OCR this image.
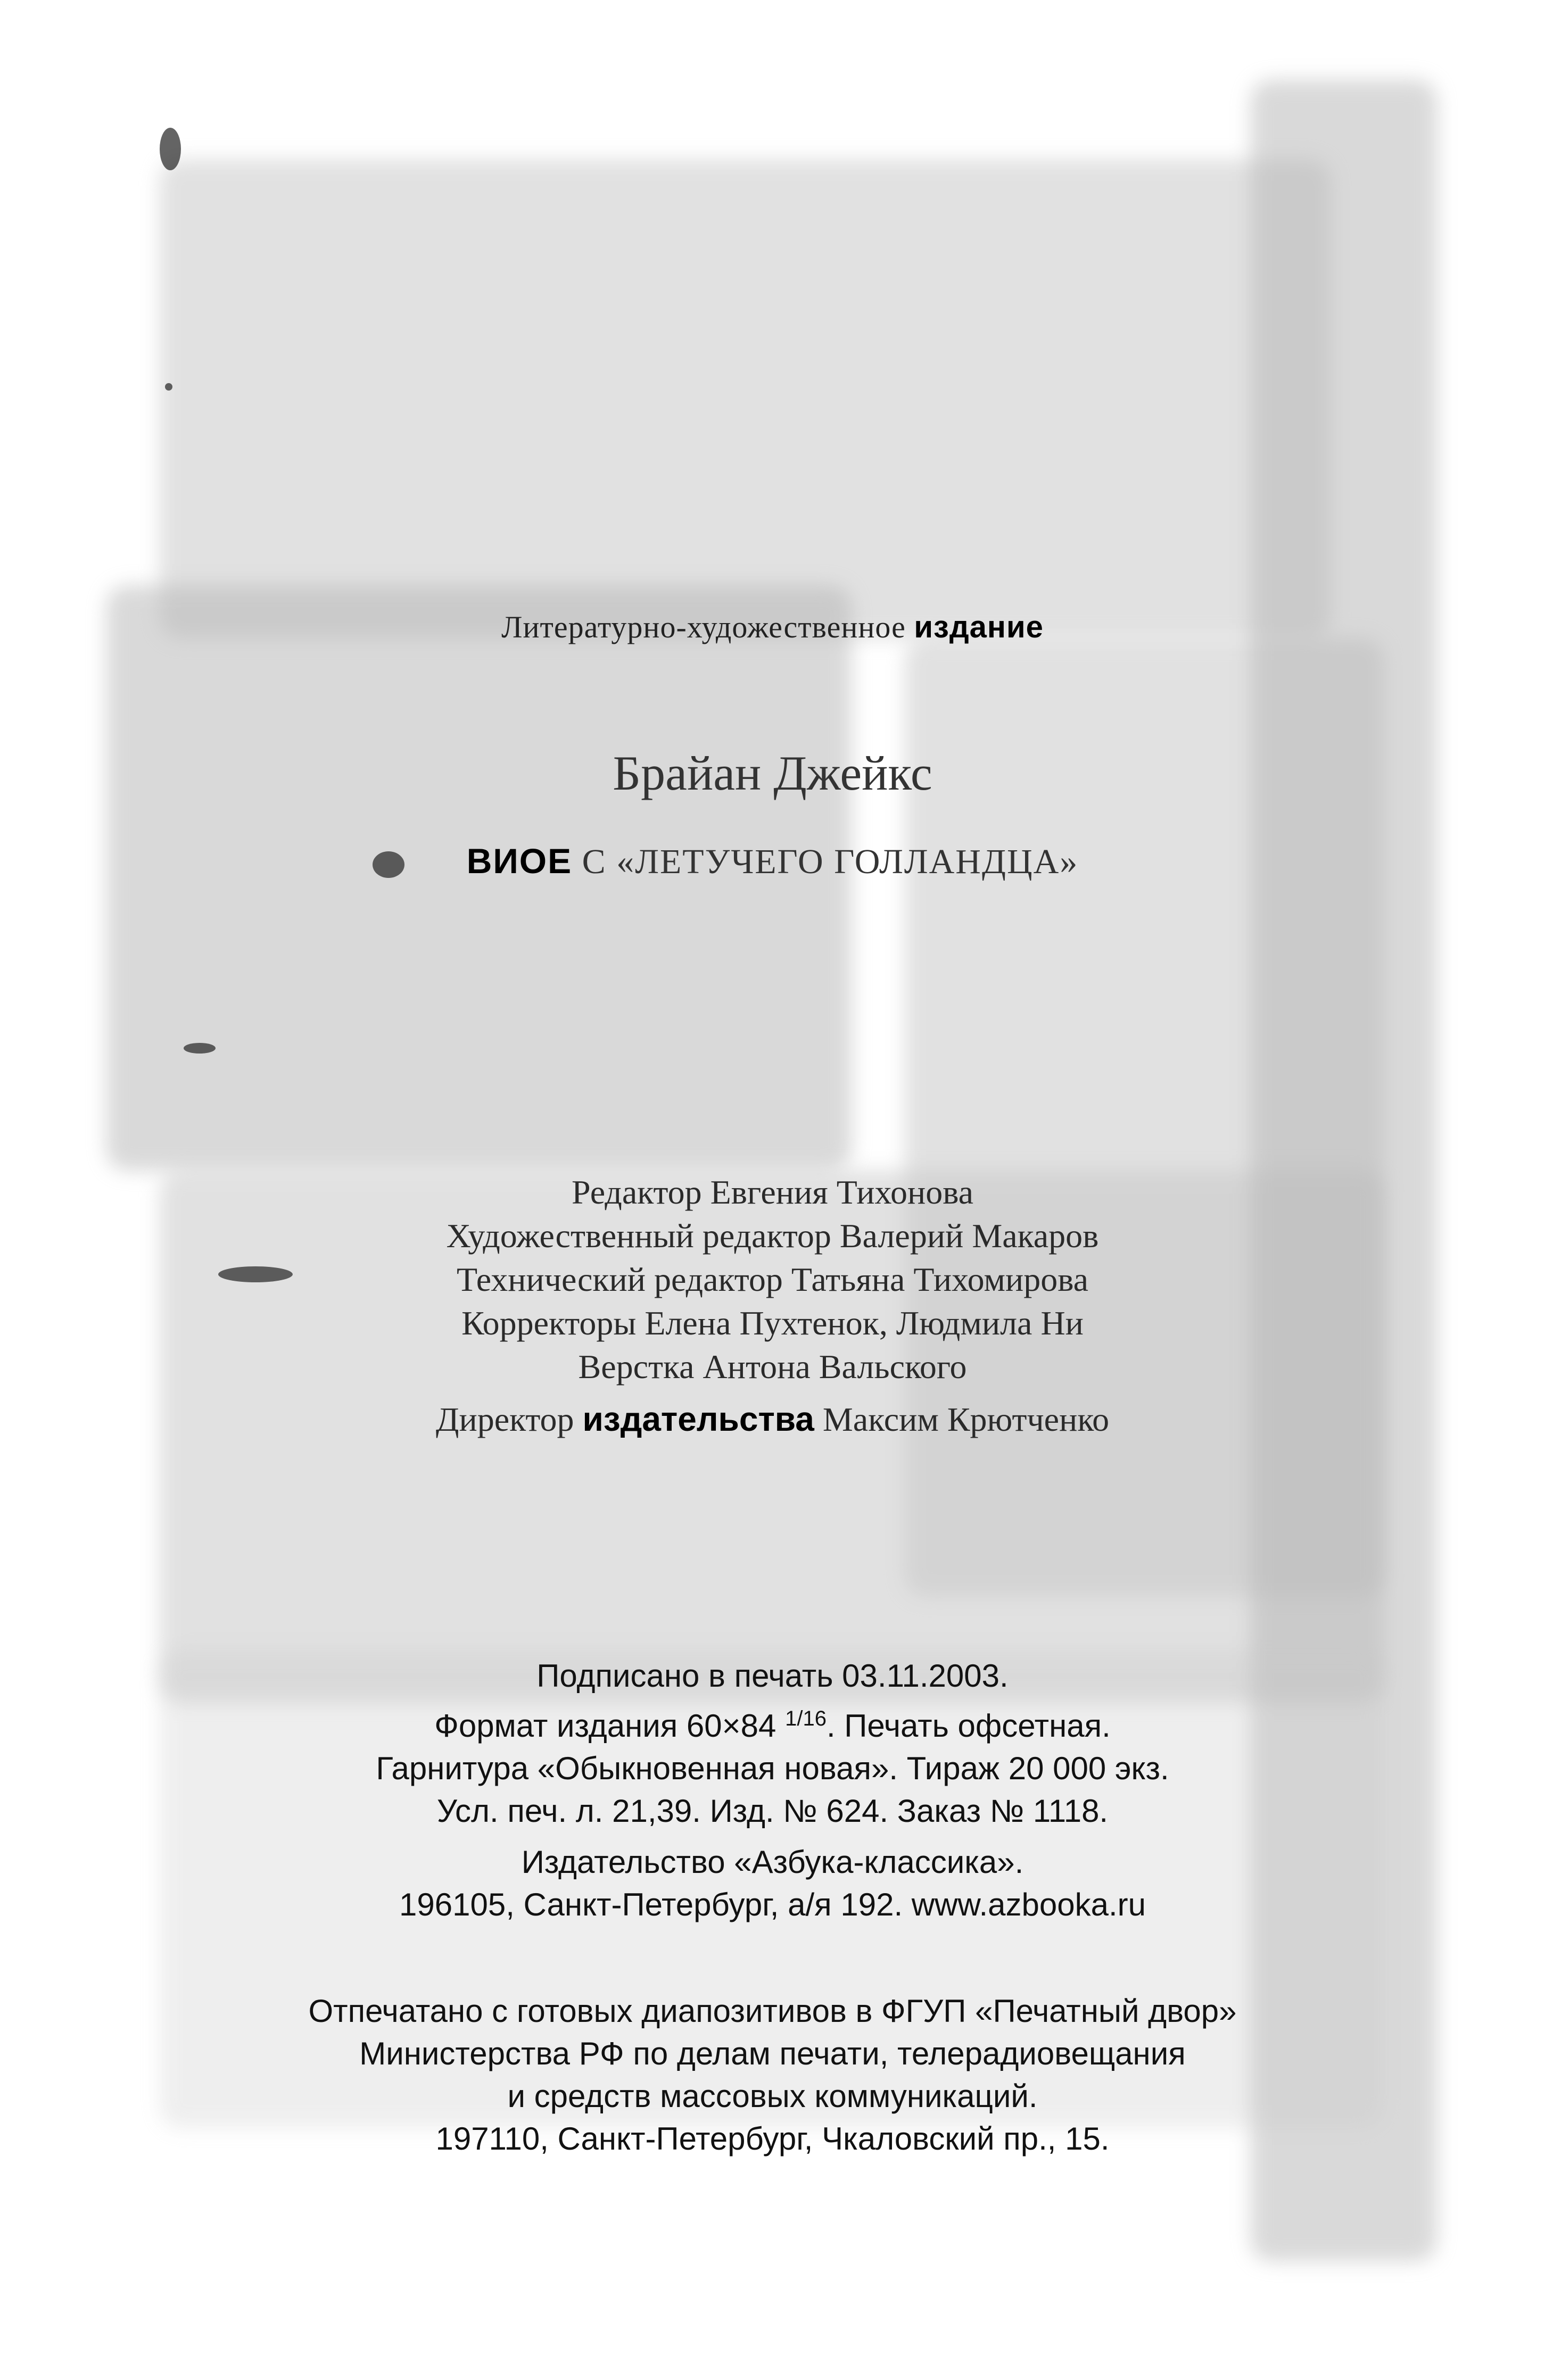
Литературно-художественное издание
Брайан Джейкс
ВИОЕ С «ЛЕТУЧЕГО ГОЛЛАНДЦА»
Редактор Евгения Тихонова
Художественный редактор Валерий Макаров
Технический редактор Татьяна Тихомирова
Корректоры Елена Пухтенок, Людмила Ни
Верстка Антона Вальского
Директор издательства Максим Крютченко
Подписано в печать 03.11.2003.
Формат издания 60×84 $^{1/16}$. Печать офсетная.
Гарнитура «Обыкновенная новая». Тираж 20 000 экз.
Усл. печ. л. 21,39. Изд. № 624. Заказ № 1118.
Издательство «Азбука-классика».
196105, Санкт-Петербург, а/я 192. www.azbooka.ru
Отпечатано с готовых диапозитивов в ФГУП «Печатный двор»
Министерства РФ по делам печати, телерадиовещания
и средств массовых коммуникаций.
197110, Санкт-Петербург, Чкаловский пр., 15.
